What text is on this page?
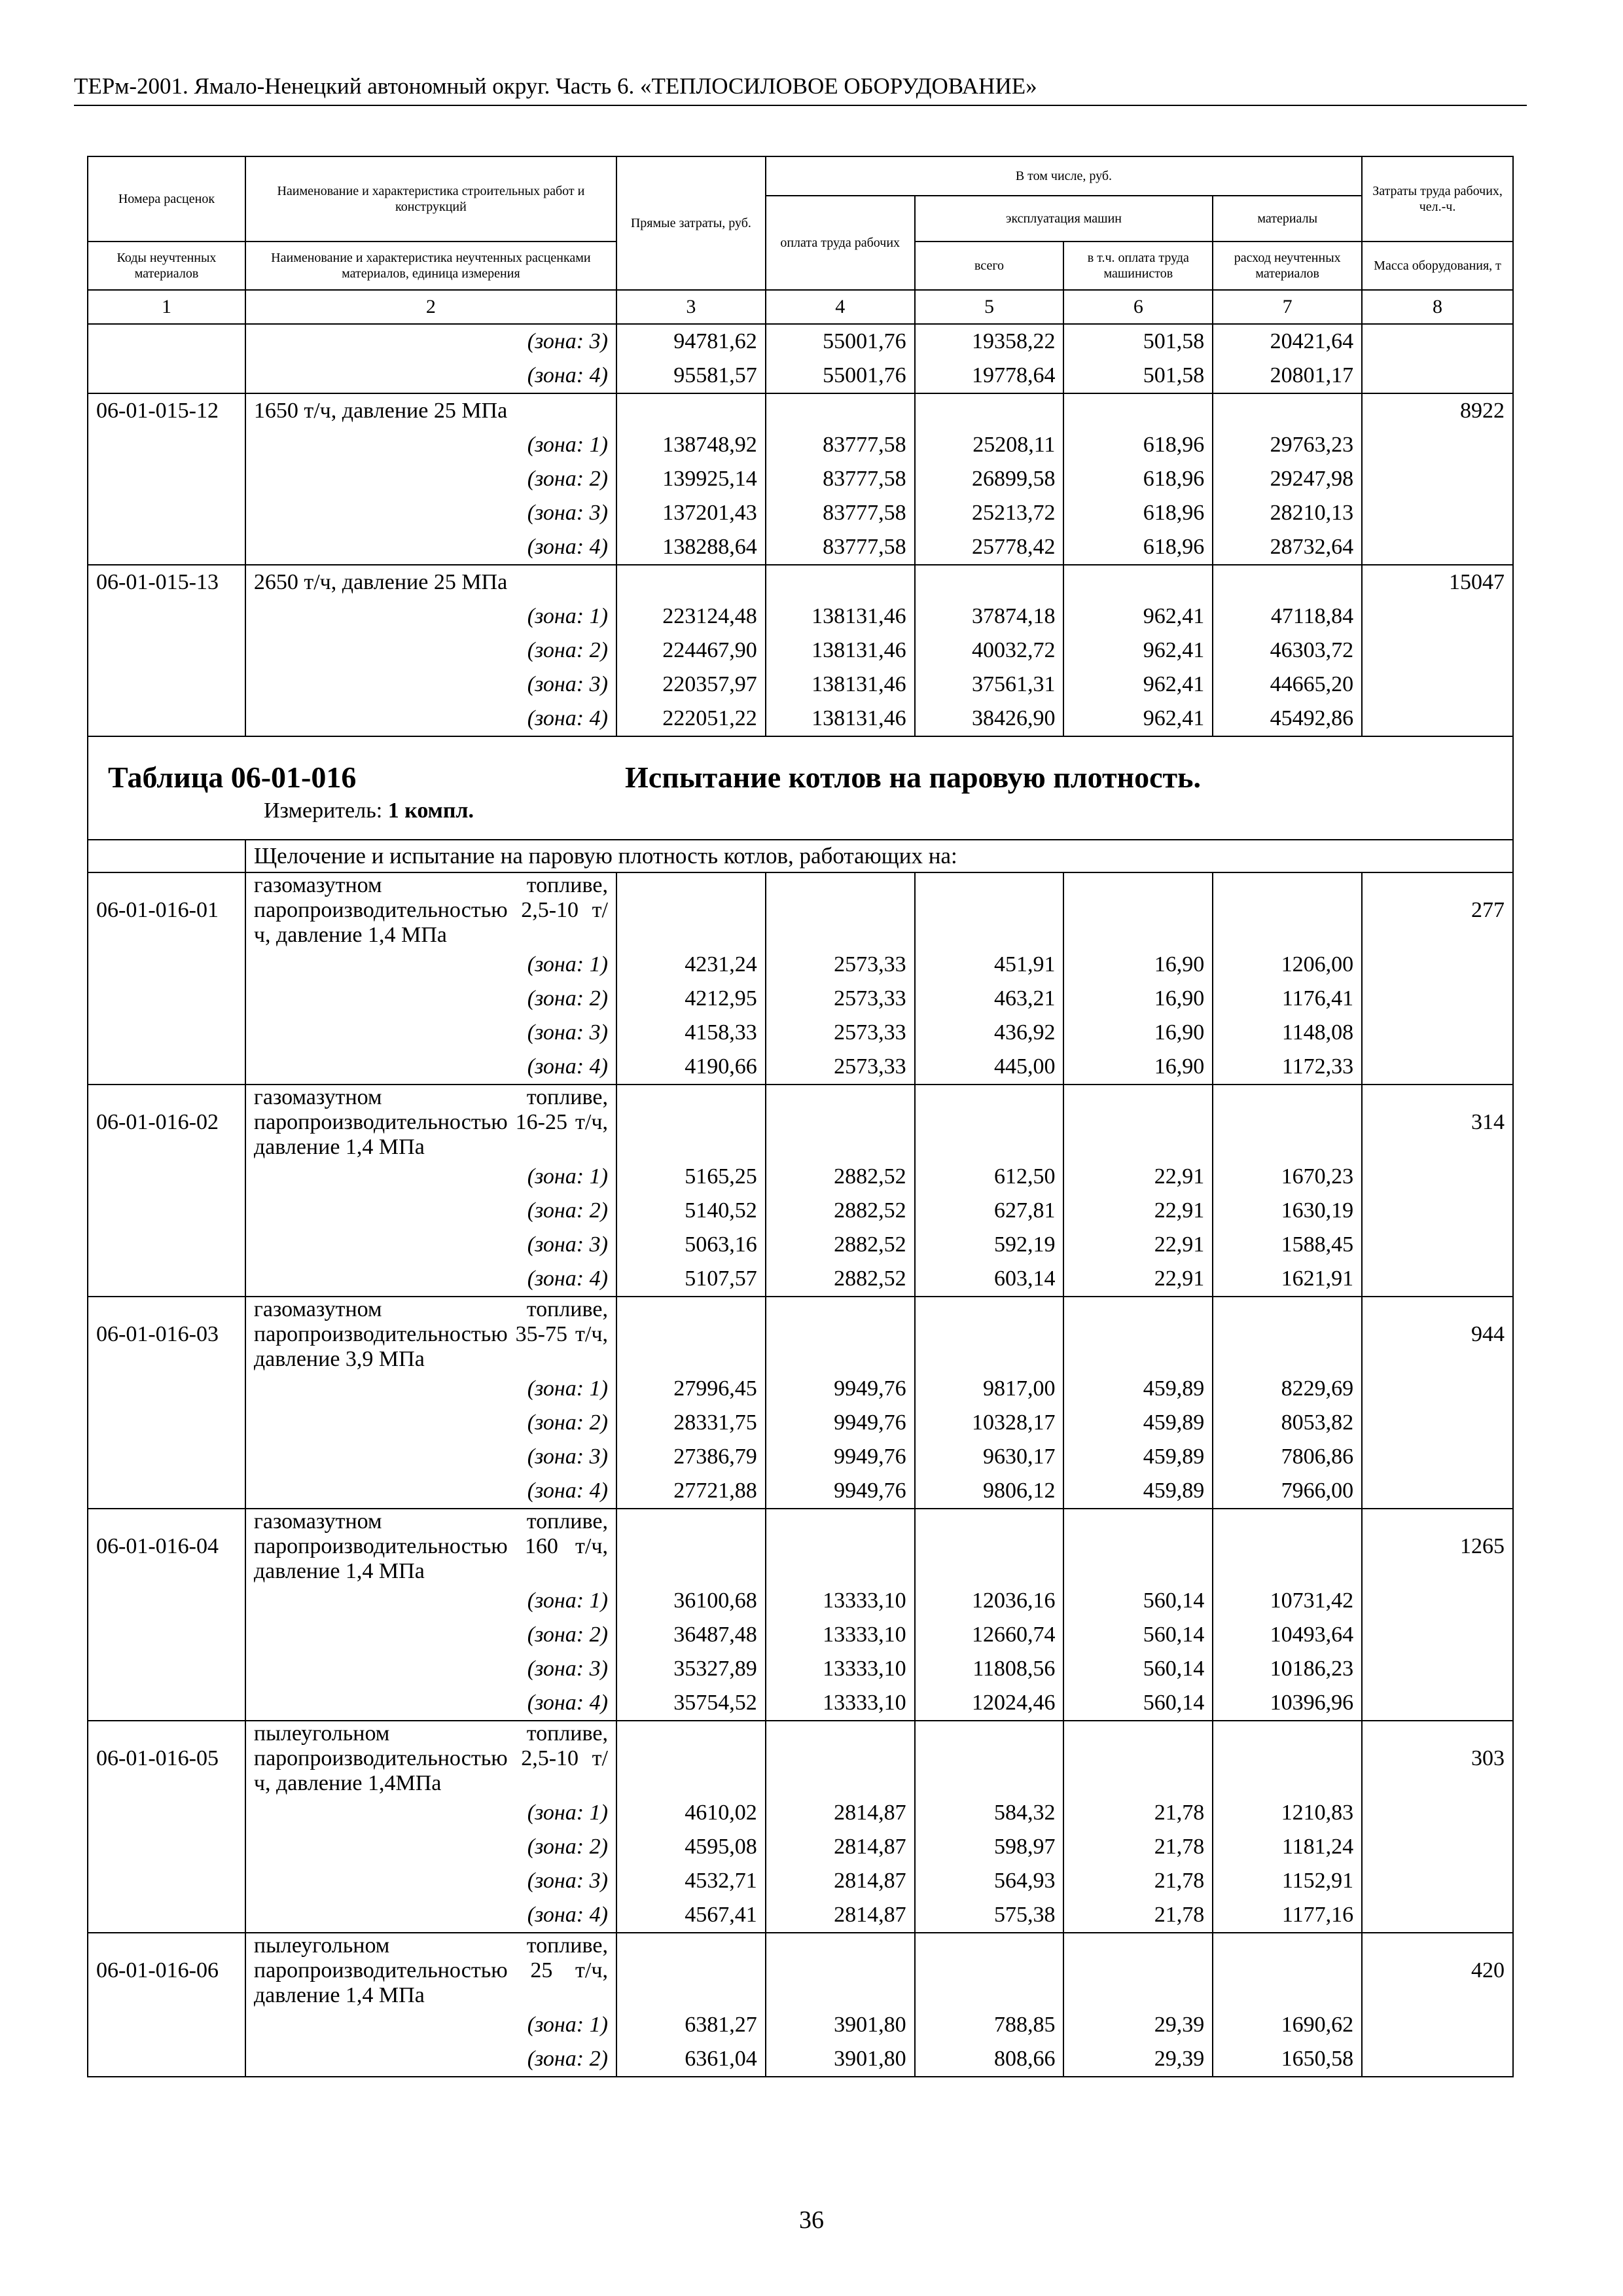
ТЕРм-2001. Ямало-Ненецкий автономный округ. Часть 6. «ТЕПЛОСИЛОВОЕ ОБОРУДОВАНИЕ»
Номера расценок	Наименование и характеристика строительных работ и конструкций	Прямые затраты, руб.	В том числе, руб.				Затраты труда рабочих, чел.-ч.
			оплата труда рабочих	эксплуатация машин		материалы	
Коды неучтенных материалов	Наименование и характеристика неучтенных расценками материалов, единица измерения			всего	в т.ч. оплата труда машинистов	расход неучтенных материалов	Масса оборудования, т
1	2	3	4	5	6	7	8
	(зона: 3)	94781,62	55001,76	19358,22	501,58	20421,64	
	(зона: 4)	95581,57	55001,76	19778,64	501,58	20801,17	
06-01-015-12	1650 т/ч, давление 25 МПа						8922
	(зона: 1)	138748,92	83777,58	25208,11	618,96	29763,23	
	(зона: 2)	139925,14	83777,58	26899,58	618,96	29247,98	
	(зона: 3)	137201,43	83777,58	25213,72	618,96	28210,13	
	(зона: 4)	138288,64	83777,58	25778,42	618,96	28732,64	
06-01-015-13	2650 т/ч, давление 25 МПа						15047
	(зона: 1)	223124,48	138131,46	37874,18	962,41	47118,84	
	(зона: 2)	224467,90	138131,46	40032,72	962,41	46303,72	
	(зона: 3)	220357,97	138131,46	37561,31	962,41	44665,20	
	(зона: 4)	222051,22	138131,46	38426,90	962,41	45492,86	

Таблица 06-01-016 Испытание котлов на паровую плотность.
Измеритель: 1 компл.							

	Щелочение и испытание на паровую плотность котлов, работающих на:						
06-01-016-01	газомазутном топливе, паропроизводительностью 2,5-10 т/ч, давление 1,4 МПа						277
	(зона: 1)	4231,24	2573,33	451,91	16,90	1206,00	
	(зона: 2)	4212,95	2573,33	463,21	16,90	1176,41	
	(зона: 3)	4158,33	2573,33	436,92	16,90	1148,08	
	(зона: 4)	4190,66	2573,33	445,00	16,90	1172,33	
06-01-016-02	газомазутном топливе, паропроизводительностью 16-25 т/ч, давление 1,4 МПа						314
	(зона: 1)	5165,25	2882,52	612,50	22,91	1670,23	
	(зона: 2)	5140,52	2882,52	627,81	22,91	1630,19	
	(зона: 3)	5063,16	2882,52	592,19	22,91	1588,45	
	(зона: 4)	5107,57	2882,52	603,14	22,91	1621,91	
06-01-016-03	газомазутном топливе, паропроизводительностью 35-75 т/ч, давление 3,9 МПа						944
	(зона: 1)	27996,45	9949,76	9817,00	459,89	8229,69	
	(зона: 2)	28331,75	9949,76	10328,17	459,89	8053,82	
	(зона: 3)	27386,79	9949,76	9630,17	459,89	7806,86	
	(зона: 4)	27721,88	9949,76	9806,12	459,89	7966,00	
06-01-016-04	газомазутном топливе, паропроизводительностью 160 т/ч, давление 1,4 МПа						1265
	(зона: 1)	36100,68	13333,10	12036,16	560,14	10731,42	
	(зона: 2)	36487,48	13333,10	12660,74	560,14	10493,64	
	(зона: 3)	35327,89	13333,10	11808,56	560,14	10186,23	
	(зона: 4)	35754,52	13333,10	12024,46	560,14	10396,96	
06-01-016-05	пылеугольном топливе, паропроизводительностью 2,5-10 т/ч, давление 1,4МПа						303
	(зона: 1)	4610,02	2814,87	584,32	21,78	1210,83	
	(зона: 2)	4595,08	2814,87	598,97	21,78	1181,24	
	(зона: 3)	4532,71	2814,87	564,93	21,78	1152,91	
	(зона: 4)	4567,41	2814,87	575,38	21,78	1177,16	
06-01-016-06	пылеугольном топливе, паропроизводительностью 25 т/ч, давление 1,4 МПа						420
	(зона: 1)	6381,27	3901,80	788,85	29,39	1690,62	
	(зона: 2)	6361,04	3901,80	808,66	29,39	1650,58	
36
